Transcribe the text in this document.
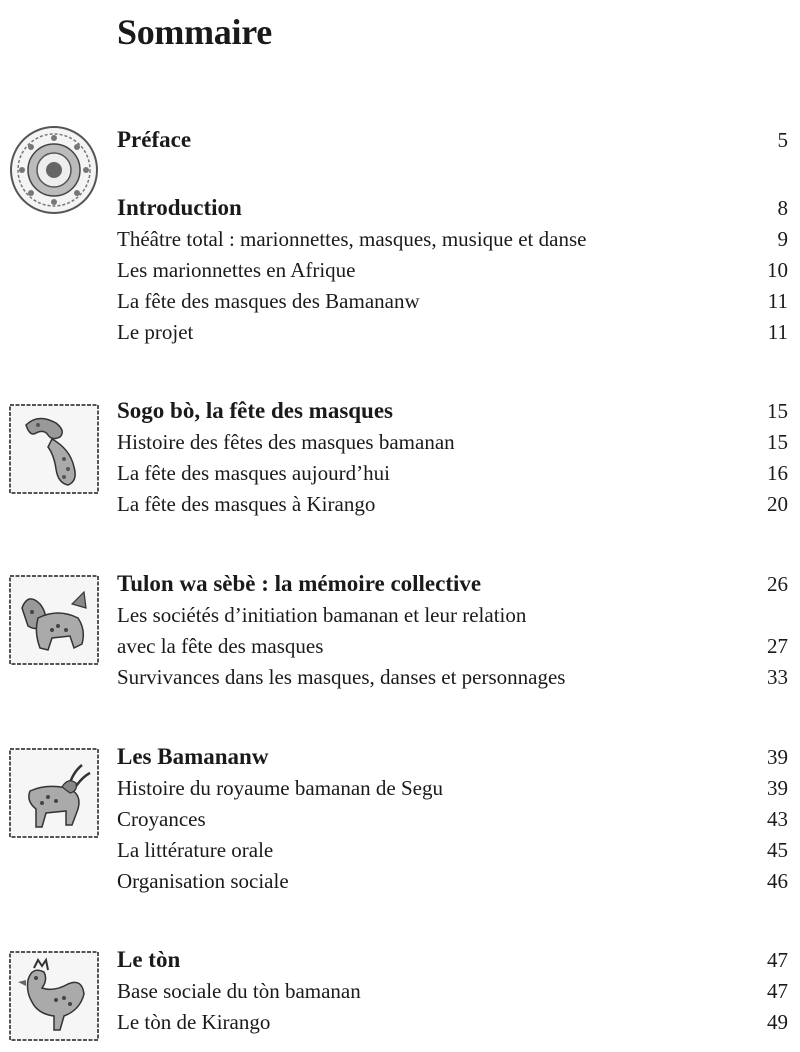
Sommaire
Préface	5
Introduction	8
Théâtre total : marionnettes, masques, musique et danse	9
Les marionnettes en Afrique	10
La fête des masques des Bamananw	11
Le projet	11
Sogo bò, la fête des masques	15
Histoire des fêtes des masques bamanan	15
La fête des masques aujourd’hui	16
La fête des masques à Kirango	20
Tulon wa sèbè : la mémoire collective	26
Les sociétés d’initiation bamanan et leur relation
avec la fête des masques	27
Survivances dans les masques, danses et personnages	33
Les Bamananw	39
Histoire du royaume bamanan de Segu	39
Croyances	43
La littérature orale	45
Organisation sociale	46
Le tòn	47
Base sociale du tòn bamanan	47
Le tòn de Kirango	49
